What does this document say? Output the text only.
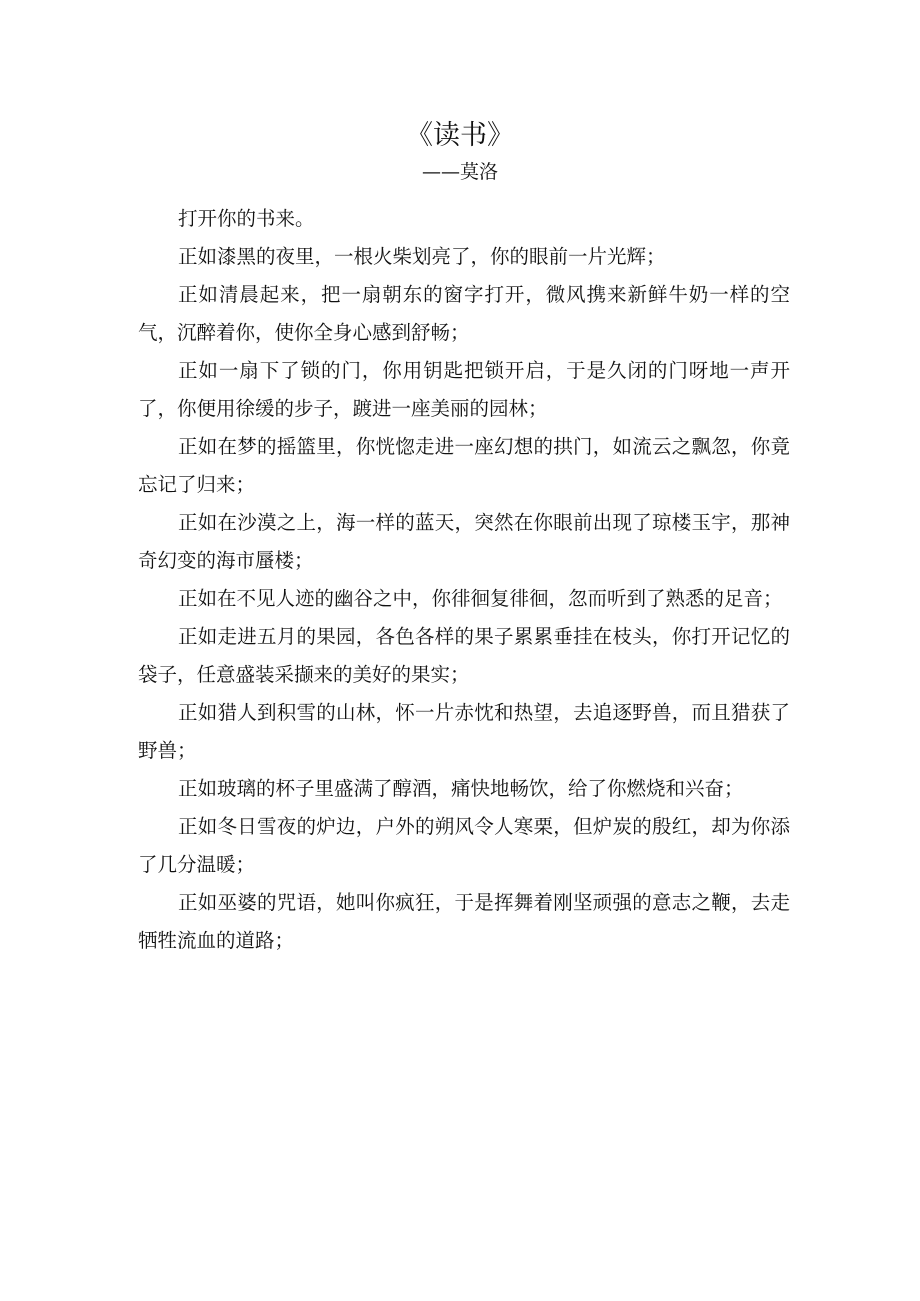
《读书》
——莫洛

打开你的书来。

正如漆黑的夜里，一根火柴划亮了，你的眼前一片光辉；

正如清晨起来，把一扇朝东的窗字打开，微风携来新鲜牛奶一样的空气，沉醉着你，使你全身心感到舒畅；

正如一扇下了锁的门，你用钥匙把锁开启，于是久闭的门呀地一声开了，你便用徐缓的步子，踱进一座美丽的园林；

正如在梦的摇篮里，你恍惚走进一座幻想的拱门，如流云之飘忽，你竟忘记了归来；

正如在沙漠之上，海一样的蓝天，突然在你眼前出现了琼楼玉宇，那神奇幻变的海市蜃楼；

正如在不见人迹的幽谷之中，你徘徊复徘徊，忽而听到了熟悉的足音；

正如走进五月的果园，各色各样的果子累累垂挂在枝头，你打开记忆的袋子，任意盛装采撷来的美好的果实；

正如猎人到积雪的山林，怀一片赤忱和热望，去追逐野兽，而且猎获了野兽；

正如玻璃的杯子里盛满了醇酒，痛快地畅饮，给了你燃烧和兴奋；

正如冬日雪夜的炉边，户外的朔风令人寒栗，但炉炭的殷红，却为你添了几分温暖；

正如巫婆的咒语，她叫你疯狂，于是挥舞着刚坚顽强的意志之鞭，去走牺牲流血的道路；
